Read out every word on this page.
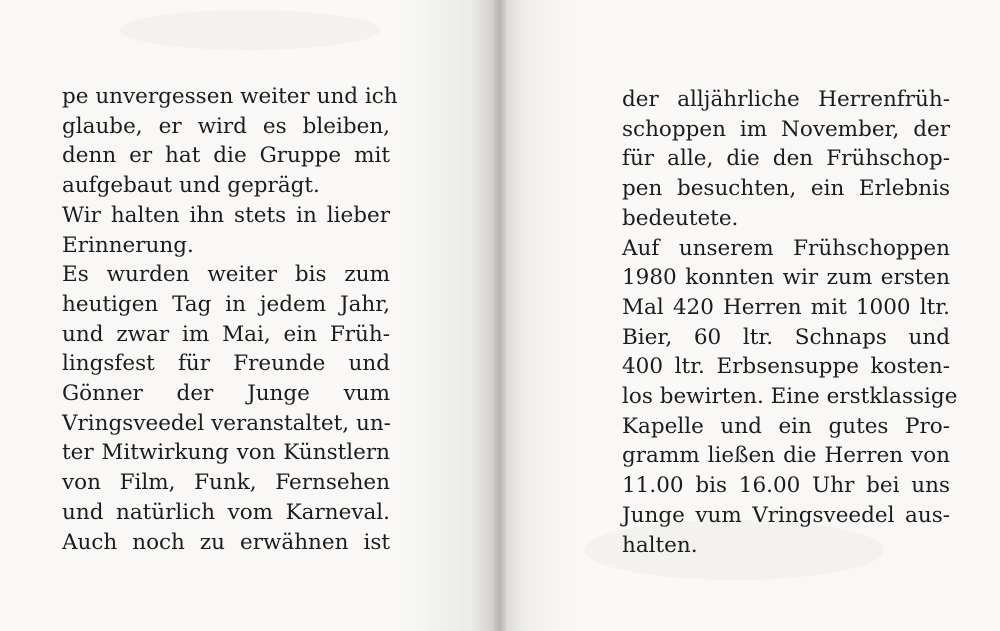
pe unvergessen weiter und ich
glaube, er wird es bleiben,
denn er hat die Gruppe mit
aufgebaut und geprägt.
Wir halten ihn stets in lieber
Erinnerung.
Es wurden weiter bis zum
heutigen Tag in jedem Jahr,
und zwar im Mai, ein Früh-
lingsfest für Freunde und
Gönner der Junge vum
Vringsveedel veranstaltet, un-
ter Mitwirkung von Künstlern
von Film, Funk, Fernsehen
und natürlich vom Karneval.
Auch noch zu erwähnen ist
der alljährliche Herrenfrüh-
schoppen im November, der
für alle, die den Frühschop-
pen besuchten, ein Erlebnis
bedeutete.
Auf unserem Frühschoppen
1980 konnten wir zum ersten
Mal 420 Herren mit 1000 ltr.
Bier, 60 ltr. Schnaps und
400 ltr. Erbsensuppe kosten-
los bewirten. Eine erstklassige
Kapelle und ein gutes Pro-
gramm ließen die Herren von
11.00 bis 16.00 Uhr bei uns
Junge vum Vringsveedel aus-
halten.
